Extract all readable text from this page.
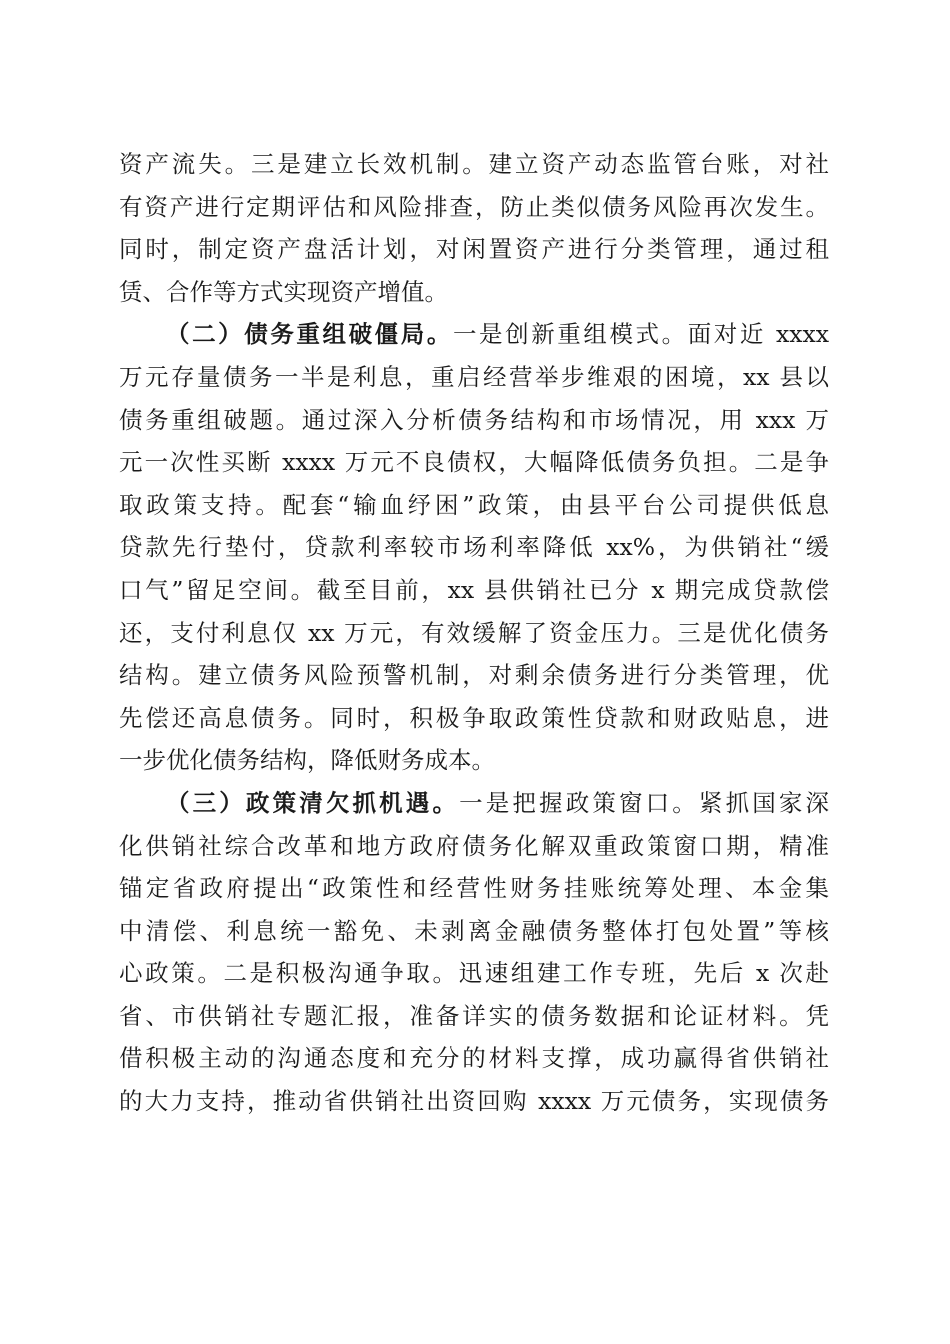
资产流失。三是建立长效机制。建立资产动态监管台账，对社
有资产进行定期评估和风险排查，防止类似债务风险再次发生。
同时，制定资产盘活计划，对闲置资产进行分类管理，通过租
赁、合作等方式实现资产增值。
（二）债务重组破僵局。一是创新重组模式。面对近 xxxx
万元存量债务一半是利息，重启经营举步维艰的困境，xx 县以
债务重组破题。通过深入分析债务结构和市场情况，用 xxx 万
元一次性买断 xxxx 万元不良债权，大幅降低债务负担。二是争
取政策支持。配套“输血纾困”政策，由县平台公司提供低息
贷款先行垫付，贷款利率较市场利率降低 xx%，为供销社“缓
口气”留足空间。截至目前，xx 县供销社已分 x 期完成贷款偿
还，支付利息仅 xx 万元，有效缓解了资金压力。三是优化债务
结构。建立债务风险预警机制，对剩余债务进行分类管理，优
先偿还高息债务。同时，积极争取政策性贷款和财政贴息，进
一步优化债务结构，降低财务成本。
（三）政策清欠抓机遇。一是把握政策窗口。紧抓国家深
化供销社综合改革和地方政府债务化解双重政策窗口期，精准
锚定省政府提出“政策性和经营性财务挂账统筹处理、本金集
中清偿、利息统一豁免、未剥离金融债务整体打包处置”等核
心政策。二是积极沟通争取。迅速组建工作专班，先后 x 次赴
省、市供销社专题汇报，准备详实的债务数据和论证材料。凭
借积极主动的沟通态度和充分的材料支撑，成功赢得省供销社
的大力支持，推动省供销社出资回购 xxxx 万元债务，实现债务
